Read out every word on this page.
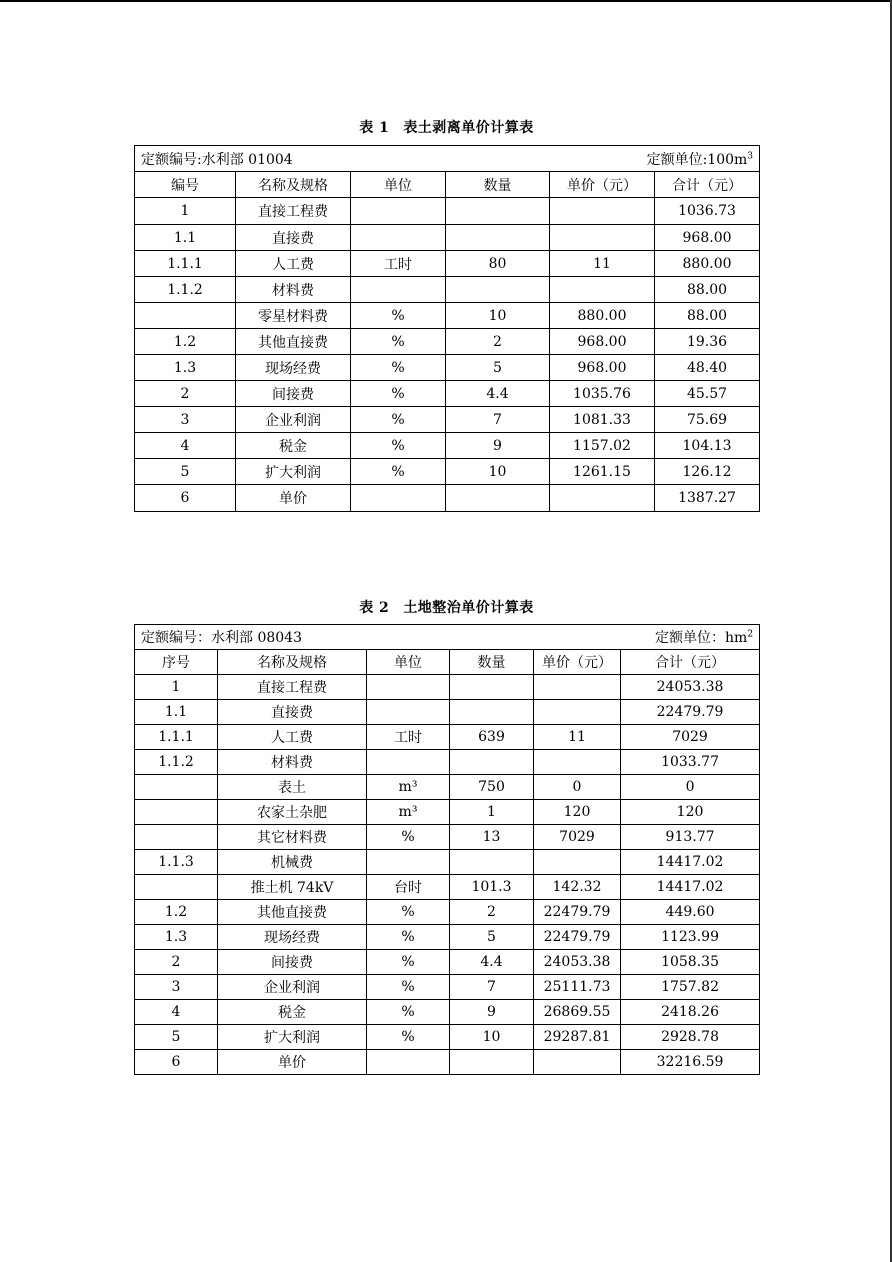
表 1 表土剥离单价计算表
定额编号:水利部 01004 定额单位$:100m^3$

编号	名称及规格	单位	数量	单价（元）	合计（元）
1	直接工程费				1036.73
1.1	直接费				968.00
1.1.1	人工费	工时	80	11	880.00
1.1.2	材料费				88.00
	零星材料费	%	10	880.00	88.00
1.2	其他直接费	%	2	968.00	19.36
1.3	现场经费	%	5	968.00	48.40
2	间接费	%	4.4	1035.76	45.57
3	企业利润	%	7	1081.33	75.69
4	税金	%	9	1157.02	104.13
5	扩大利润	%	10	1261.15	126.12
6	单价				1387.27
表 2 土地整治单价计算表
定额编号：水利部 08043 定额单位：$hm^2$

序号	名称及规格	单位	数量	单价（元）	合计（元）
1	直接工程费				24053.38
1.1	直接费				22479.79
1.1.1	人工费	工时	639	11	7029
1.1.2	材料费				1033.77
	表土	m³	750	0	0
	农家土杂肥	m³	1	120	120
	其它材料费	%	13	7029	913.77
1.1.3	机械费				14417.02
	推土机 74kV	台时	101.3	142.32	14417.02
1.2	其他直接费	%	2	22479.79	449.60
1.3	现场经费	%	5	22479.79	1123.99
2	间接费	%	4.4	24053.38	1058.35
3	企业利润	%	7	25111.73	1757.82
4	税金	%	9	26869.55	2418.26
5	扩大利润	%	10	29287.81	2928.78
6	单价				32216.59
